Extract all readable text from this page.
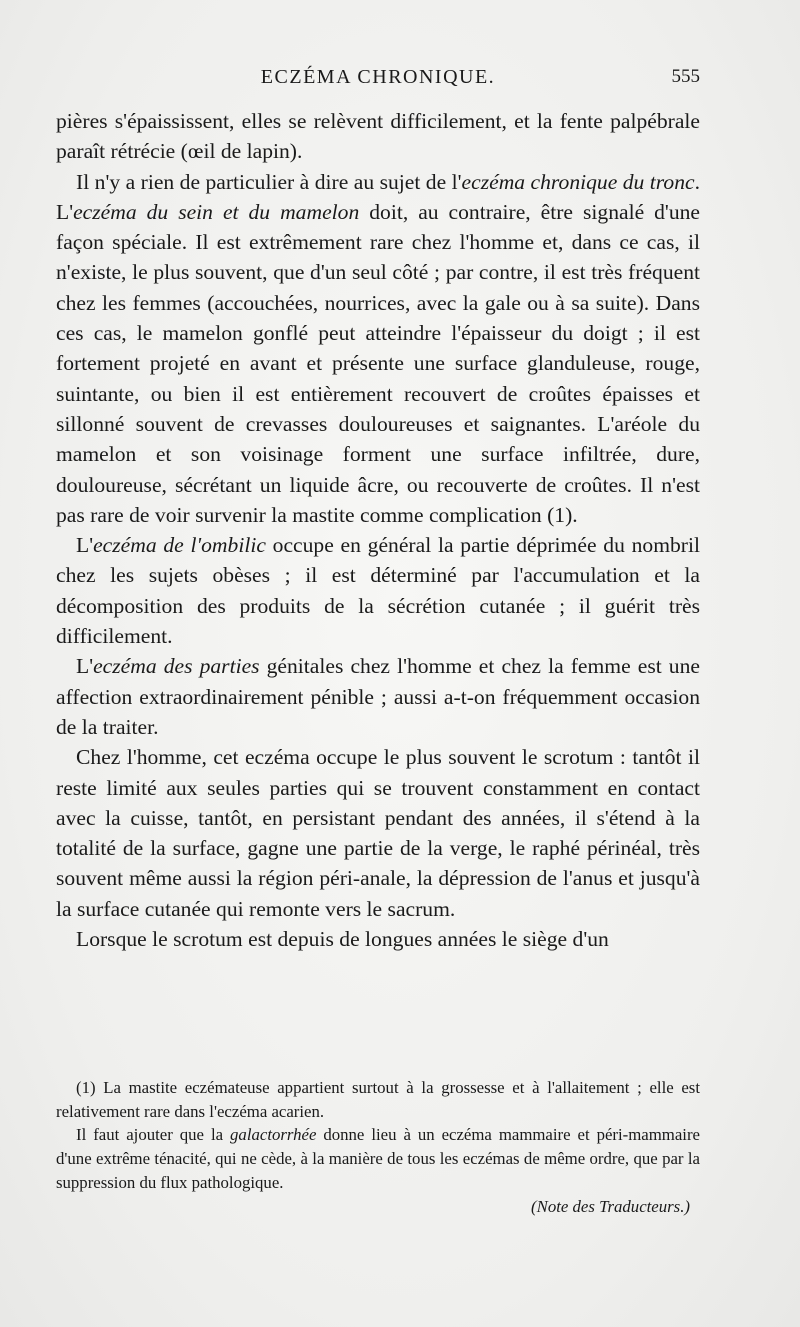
ECZÉMA CHRONIQUE.	555

pières s'épaississent, elles se relèvent difficilement, et la fente palpébrale paraît rétrécie (œil de lapin).

Il n'y a rien de particulier à dire au sujet de l'eczéma chronique du tronc. L'eczéma du sein et du mamelon doit, au contraire, être signalé d'une façon spéciale. Il est extrêmement rare chez l'homme et, dans ce cas, il n'existe, le plus souvent, que d'un seul côté ; par contre, il est très fréquent chez les femmes (accouchées, nourrices, avec la gale ou à sa suite). Dans ces cas, le mamelon gonflé peut atteindre l'épaisseur du doigt ; il est fortement projeté en avant et présente une surface glanduleuse, rouge, suintante, ou bien il est entièrement recouvert de croûtes épaisses et sillonné souvent de crevasses douloureuses et saignantes. L'aréole du mamelon et son voisinage forment une surface infiltrée, dure, douloureuse, sécrétant un liquide âcre, ou recouverte de croûtes. Il n'est pas rare de voir survenir la mastite comme complication (1).

L'eczéma de l'ombilic occupe en général la partie déprimée du nombril chez les sujets obèses ; il est déterminé par l'accumulation et la décomposition des produits de la sécrétion cutanée ; il guérit très difficilement.

L'eczéma des parties génitales chez l'homme et chez la femme est une affection extraordinairement pénible ; aussi a-t-on fréquemment occasion de la traiter.

Chez l'homme, cet eczéma occupe le plus souvent le scrotum : tantôt il reste limité aux seules parties qui se trouvent constamment en contact avec la cuisse, tantôt, en persistant pendant des années, il s'étend à la totalité de la surface, gagne une partie de la verge, le raphé périnéal, très souvent même aussi la région péri-anale, la dépression de l'anus et jusqu'à la surface cutanée qui remonte vers le sacrum.

Lorsque le scrotum est depuis de longues années le siège d'un

(1) La mastite eczémateuse appartient surtout à la grossesse et à l'allaitement ; elle est relativement rare dans l'eczéma acarien.

Il faut ajouter que la galactorrhée donne lieu à un eczéma mammaire et péri-mammaire d'une extrême ténacité, qui ne cède, à la manière de tous les eczémas de même ordre, que par la suppression du flux pathologique.

(Note des Traducteurs.)
